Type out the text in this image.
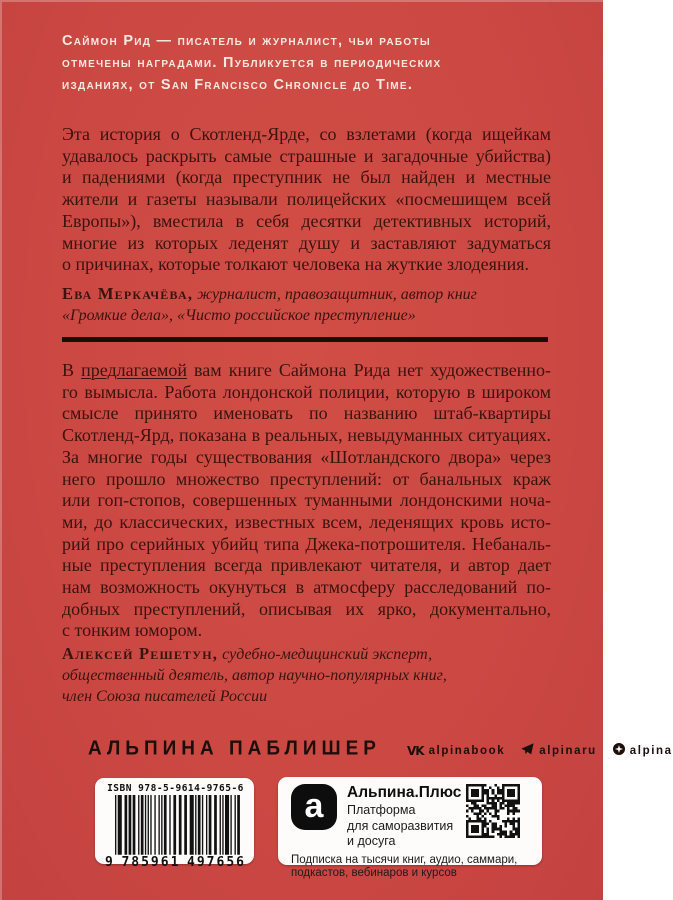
Саймон Рид — писатель и журналист, чьи работы
отмечены наградами. Публикуется в периодических
изданиях, от San Francisco Chronicle до Time.
Эта история о Скотленд-Ярде, со взлетами (когда ищейкам
удавалось раскрыть самые страшные и загадочные убийства)
и падениями (когда преступник не был найден и местные
жители и газеты называли полицейских «посмешищем всей
Европы»), вместила в себя десятки детективных историй,
многие из которых леденят душу и заставляют задуматься
о причинах, которые толкают человека на жуткие злодеяния.
Ева Меркачёва, журналист, правозащитник, автор книг
«Громкие дела», «Чисто российское преступление»
В предлагаемой вам книге Саймона Рида нет художественно-
го вымысла. Работа лондонской полиции, которую в широком
смысле принято именовать по названию штаб-квартиры
Скотленд-Ярд, показана в реальных, невыдуманных ситуациях.
За многие годы существования «Шотландского двора» через
него прошло множество преступлений: от банальных краж
или гоп-стопов, совершенных туманными лондонскими ноча-
ми, до классических, известных всем, леденящих кровь исто-
рий про серийных убийц типа Джека-потрошителя. Небаналь-
ные преступления всегда привлекают читателя, и автор дает
нам возможность окунуться в атмосферу расследований по-
добных преступлений, описывая их ярко, документально,
с тонким юмором.
Алексей Решетун, судебно-медицинский эксперт,
общественный деятель, автор научно-популярных книг,
член Союза писателей России
АЛЬПИНА ПАБЛИШЕР VK alpinabook	alpinaru	alpina
ISBN 978-5-9614-9765-6
9 785961 497656
а	Альпина.Плюс
Платформа
для саморазвития
и досуга
Подписка на тысячи книг, аудио, саммари,
подкастов, вебинаров и курсов
